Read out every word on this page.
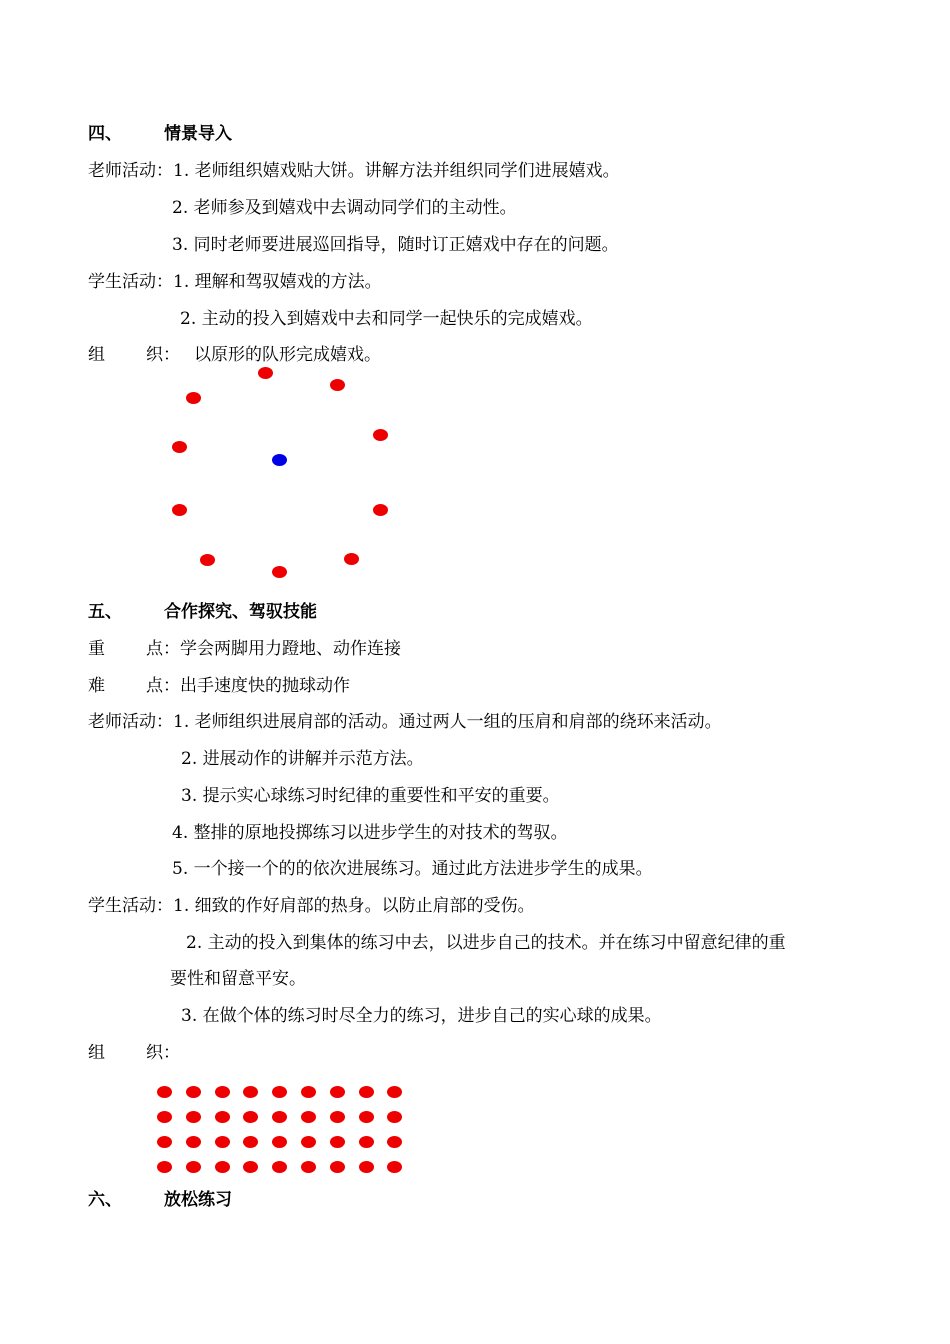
四、 情景导入
老师活动：1. 老师组织嬉戏贴大饼。讲解方法并组织同学们进展嬉戏。
2. 老师参及到嬉戏中去调动同学们的主动性。
3. 同时老师要进展巡回指导，随时订正嬉戏中存在的问题。
学生活动：1. 理解和驾驭嬉戏的方法。
2. 主动的投入到嬉戏中去和同学一起快乐的完成嬉戏。
组 织： 以原形的队形完成嬉戏。
五、 合作探究、驾驭技能
重 点：学会两脚用力蹬地、动作连接
难 点：出手速度快的抛球动作
老师活动：1. 老师组织进展肩部的活动。通过两人一组的压肩和肩部的绕环来活动。
2. 进展动作的讲解并示范方法。
3. 提示实心球练习时纪律的重要性和平安的重要。
4. 整排的原地投掷练习以进步学生的对技术的驾驭。
5. 一个接一个的的依次进展练习。通过此方法进步学生的成果。
学生活动：1. 细致的作好肩部的热身。以防止肩部的受伤。
2. 主动的投入到集体的练习中去，以进步自己的技术。并在练习中留意纪律的重
要性和留意平安。
3. 在做个体的练习时尽全力的练习，进步自己的实心球的成果。
组 织：
六、 放松练习
